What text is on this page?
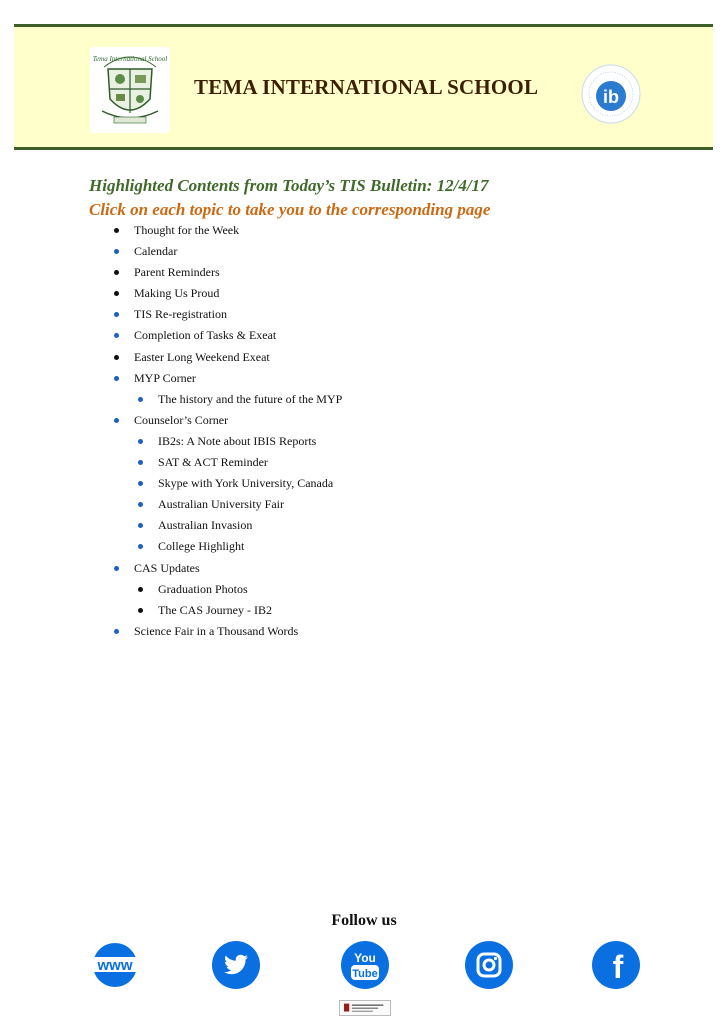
Tema International School
TEMA INTERNATIONAL SCHOOL	ib
Highlighted Contents from Today’s TIS Bulletin: 12/4/17
Click on each topic to take you to the corresponding page
Thought for the Week
Calendar
Parent Reminders
Making Us Proud
TIS Re-registration
Completion of Tasks & Exeat
Easter Long Weekend Exeat
MYP Corner
The history and the future of the MYP
Counselor’s Corner
IB2s: A Note about IBIS Reports
SAT & ACT Reminder
Skype with York University, Canada
Australian University Fair
Australian Invasion
College Highlight
CAS Updates
Graduation Photos
The CAS Journey - IB2
Science Fair in a Thousand Words
Follow us
www	You
Tube	f
